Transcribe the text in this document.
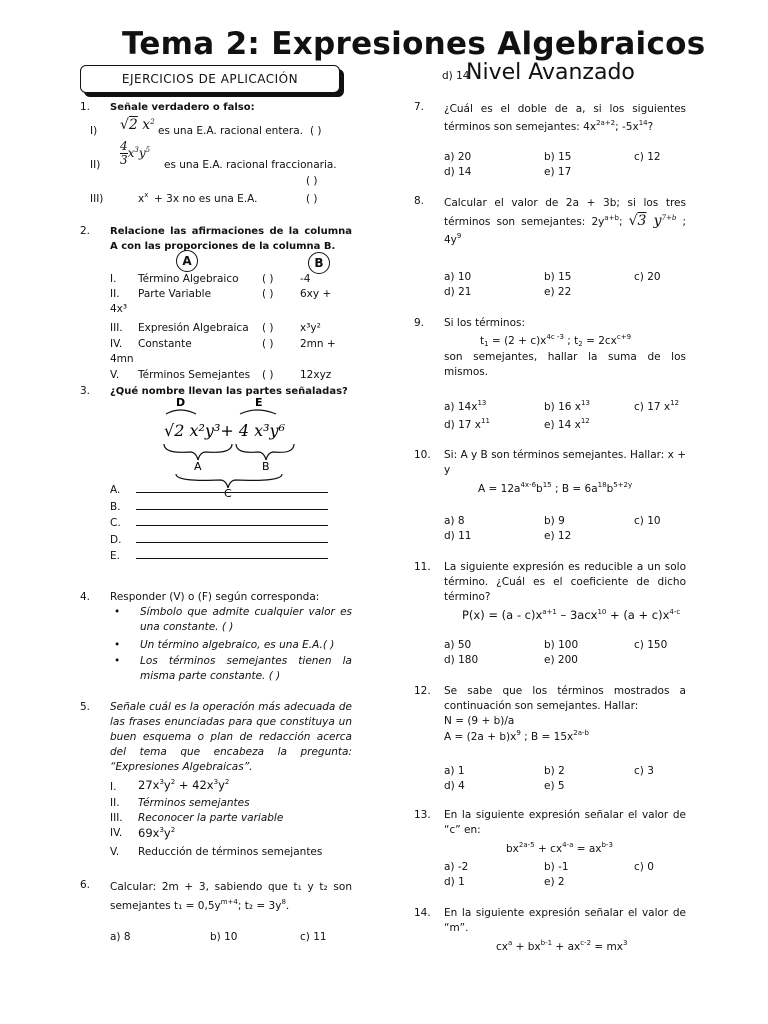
Tema 2: Expresiones Algebraicos
EJERCICIOS DE APLICACIÓN	d) 14
Nivel Avanzado
1. Señale verdadero o falso:
I) √2 $x^2$
es una E.A. racional entera. ( )
$II) \frac{4}{3} x^3y^5$
es una E.A. racional fraccionaria.
( )
III)	$x^x + 3x$ no es una E.A.	( )
2. Relacione las afirmaciones de la columna A con las proporciones de la columna B.
A	B
I. Término Algebraico ( )	-4
II. Parte Variable	( )	6xy +
4x³
III. Expresión Algebraica ( )	x³y²
IV. Constante	( )	2mn +
4mn
V. Términos Semejantes ( )	12xyz
3. ¿Qué nombre llevan las partes señaladas?
D	E
√2 x²y³+ 4 x³y⁶
A	B
C
A.
B.
C.
D.
E.
4. Responder (V) o (F) según corresponda:
• Símbolo que admite cualquier valor es una constante. ( )
• Un término algebraico, es una E.A.( )
• Los términos semejantes tienen la misma parte constante. ( )
5. Señale cuál es la operación más adecuada de las frases enunciadas para que constituya un buen esquema o plan de redacción acerca del tema que encabeza la pregunta: “Expresiones Algebraicas”.
I. $27x^3y^2 + 42x^3y^2$
II. Términos semejantes
III. Reconocer la parte variable
IV. $69x^3y^2$
V. Reducción de términos semejantes
6. Calcular: 2m + 3, sabiendo que t₁ y t₂ son semejantes $t_1 = 0,5y^{m+4}$; $t_2 = 3y^8$.
a) 8	b) 10	c) 11
7. ¿Cuál es el doble de a, si los siguientes términos son semejantes: $4x^{2a+2}$; $-5x^{14}$?
a) 20	b) 15	c) 12
d) 14	e) 17
8. Calcular el valor de 2a + 3b; si los tres términos son semejantes: $2y^{a+b}$; √3 $y^{7+b}$ ; $4y^9$
a) 10	b) 15	c) 20
d) 21	e) 22
9. Si los términos:
$t_1 = (2 + c)x^{4c -3}$ ; $t_2 = 2cx^{c+9}$
son semejantes, hallar la suma de los mismos.
a) $14x^{13}$	b) 16 $x^{13}$	c) 17 $x^{12}$
d) 17 $x^{11}$	e) 14 $x^{12}$
10. Si: A y B son términos semejantes. Hallar: x + y
$A = 12a^{4x-6}b^{15}$ ; $B = 6a^{18}b^{5+2y}$
a) 8	b) 9	c) 10
d) 11	e) 12
11. La siguiente expresión es reducible a un solo término. ¿Cuál es el coeficiente de dicho término?
$P(x) = (a - c)x^{a+1} - 3acx^{10} + (a + c)x^{4-c}$
a) 50	b) 100	c) 150
d) 180	e) 200
12. Se sabe que los términos mostrados a continuación son semejantes. Hallar:
N = (9 + b)/a
$A = (2a + b)x^9$ ; $B = 15x^{2a-b}$
a) 1	b) 2	c) 3
d) 4	e) 5
13. En la siguiente expresión señalar el valor de “c” en:
$bx^{2a-5} + cx^{4-a} = ax^{b-3}$
a) -2	b) -1	c) 0
d) 1	e) 2
14. En la siguiente expresión señalar el valor de “m”.
$cx^a + bx^{b-1} + ax^{c-2} = mx^3$
